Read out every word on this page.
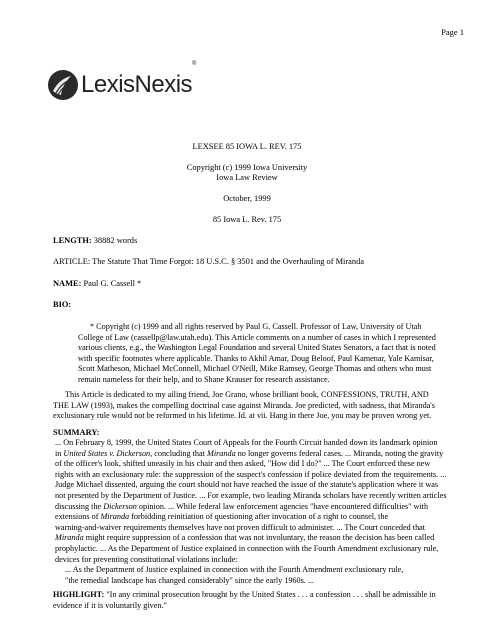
Page 1
LexisNexis®
LEXSEE 85 IOWA L. REV. 175
Copyright (c) 1999 Iowa University
Iowa Law Review
October, 1999
85 Iowa L. Rev. 175
LENGTH: 38882 words
ARTICLE: The Statute That Time Forgot: 18 U.S.C. § 3501 and the Overhauling of Miranda
NAME: Paul G. Cassell *
BIO:
* Copyright (c) 1999 and all rights reserved by Paul G. Cassell. Professor of Law, University of Utah
College of Law (cassellp@law.utah.edu). This Article comments on a number of cases in which I represented
various clients, e.g., the Washington Legal Foundation and several United States Senators, a fact that is noted
with specific footnotes where applicable. Thanks to Akhil Amar, Doug Beloof, Paul Kamenar, Yale Kamisar,
Scott Matheson, Michael McConnell, Michael O'Neill, Mike Ramsey, George Thomas and others who must
remain nameless for their help, and to Shane Krauser for research assistance.
This Article is dedicated to my ailing friend, Joe Grano, whose brilliant book, CONFESSIONS, TRUTH, AND
THE LAW (1993), makes the compelling doctrinal case against Miranda. Joe predicted, with sadness, that Miranda's
exclusionary rule would not be reformed in his lifetime. Id. at vii. Hang in there Joe, you may be proven wrong yet.
SUMMARY:
... On February 8, 1999, the United States Court of Appeals for the Fourth Circuit handed down its landmark opinion
in United States v. Dickerson, concluding that Miranda no longer governs federal cases. ... Miranda, noting the gravity
of the officer's look, shifted uneasily in his chair and then asked, "How did I do?" ... The Court enforced these new
rights with an exclusionary rule: the suppression of the suspect's confession if police deviated from the requirements. ...
Judge Michael dissented, arguing the court should not have reached the issue of the statute's application where it was
not presented by the Department of Justice. ... For example, two leading Miranda scholars have recently written articles
discussing the Dickerson opinion. ... While federal law enforcement agencies "have encountered difficulties" with
extensions of Miranda forbidding reinitiation of questioning after invocation of a right to counsel, the
warning-and-waiver requirements themselves have not proven difficult to administer. ... The Court conceded that
Miranda might require suppression of a confession that was not involuntary, the reason the decision has been called
prophylactic. ... As the Department of Justice explained in connection with the Fourth Amendment exclusionary rule,
devices for preventing constitutional violations include:
... As the Department of Justice explained in connection with the Fourth Amendment exclusionary rule,
"the remedial landscape has changed considerably" since the early 1960s. ...
HIGHLIGHT: "In any criminal prosecution brought by the United States . . . a confession . . . shall be admissible in
evidence if it is voluntarily given."
